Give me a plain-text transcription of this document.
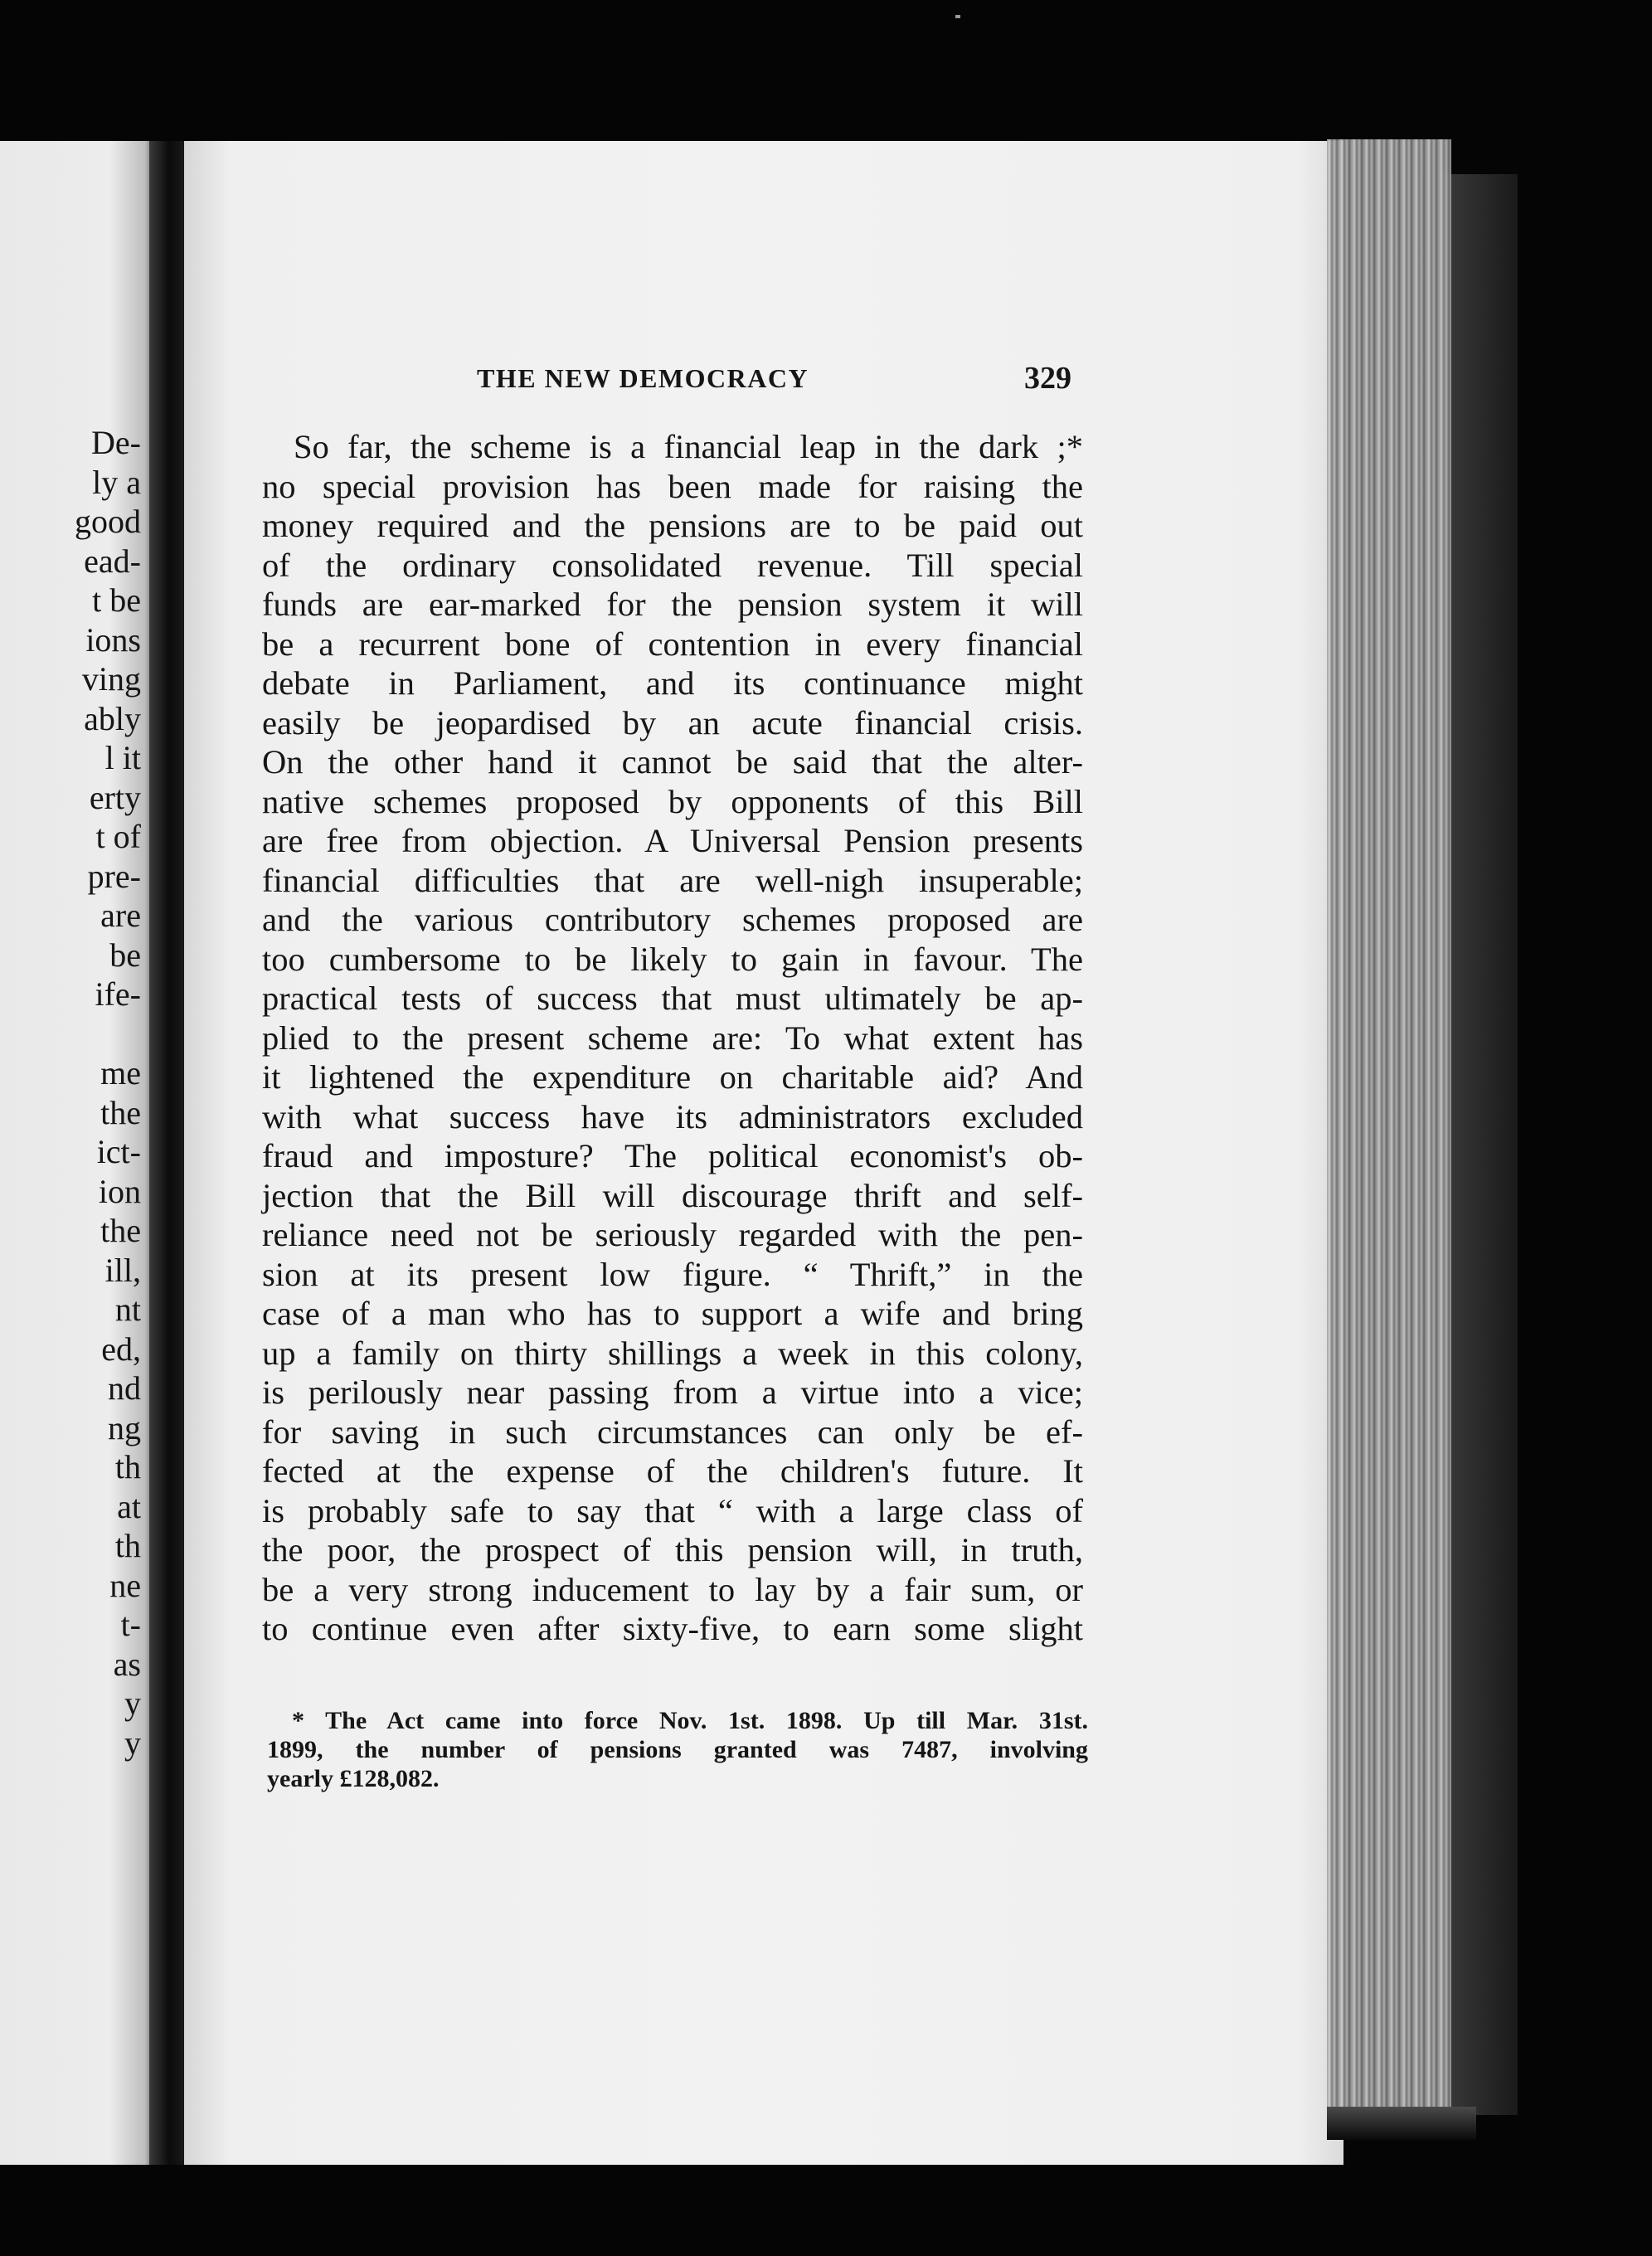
De-
ly a
good
ead-
t be
ions
ving
ably
l it
erty
t of
pre-
are
be
ife-
me
the
ict-
ion
the
ill,
nt
ed,
nd
ng
th
at
th
ne
t-
as
y
y
THE NEW DEMOCRACY	329
So far, the scheme is a financial leap in the dark ;*
no special provision has been made for raising the
money required and the pensions are to be paid out
of the ordinary consolidated revenue. Till special
funds are ear-marked for the pension system it will
be a recurrent bone of contention in every financial
debate in Parliament, and its continuance might
easily be jeopardised by an acute financial crisis.
On the other hand it cannot be said that the alter-
native schemes proposed by opponents of this Bill
are free from objection. A Universal Pension presents
financial difficulties that are well-nigh insuperable;
and the various contributory schemes proposed are
too cumbersome to be likely to gain in favour. The
practical tests of success that must ultimately be ap-
plied to the present scheme are: To what extent has
it lightened the expenditure on charitable aid? And
with what success have its administrators excluded
fraud and imposture? The political economist's ob-
jection that the Bill will discourage thrift and self-
reliance need not be seriously regarded with the pen-
sion at its present low figure. “ Thrift,” in the
case of a man who has to support a wife and bring
up a family on thirty shillings a week in this colony,
is perilously near passing from a virtue into a vice;
for saving in such circumstances can only be ef-
fected at the expense of the children's future. It
is probably safe to say that “ with a large class of
the poor, the prospect of this pension will, in truth,
be a very strong inducement to lay by a fair sum, or
to continue even after sixty-five, to earn some slight
* The Act came into force Nov. 1st. 1898. Up till Mar. 31st.
1899, the number of pensions granted was 7487, involving
yearly £128,082.
